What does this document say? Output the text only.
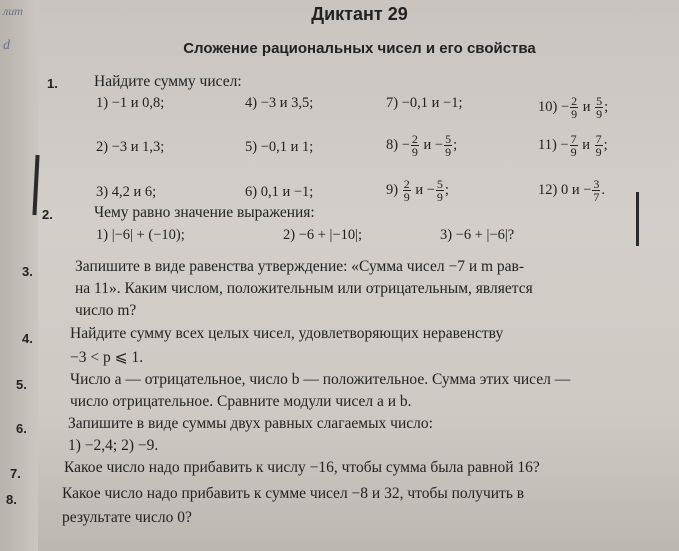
лит
d
Диктант 29
Сложение рациональных чисел и его свойства
1. Найдите сумму чисел:
1) −1 и 0,8;	4) −3 и 3,5;	7) −0,1 и −1;	$10) - \frac{2}{9}$ и $\frac{5}{9}$ ;
2) −3 и 1,3;	5) −0,1 и 1;	$8) - \frac{2}{9}$ $и - \frac{5}{9}$ ;	$11) - \frac{7}{9}$ и $\frac{7}{9}$ ;
3) 4,2 и 6;	6) 0,1 и −1;	$9) \frac{2}{9}$ $и - \frac{5}{9}$ ;	12) 0 $и - \frac{3}{7}$ .
2.	Чему равно значение выражения:
1) |−6| + (−10);	2) −6 + |−10|;	3) −6 + |−6|?
3.	Запишите в виде равенства утверждение: «Сумма чисел −7 и m рав-
на 11». Каким числом, положительным или отрицательным, является
число m?
4. Найдите сумму всех целых чисел, удовлетворяющих неравенству
−3 < p ⩽ 1.
5.	Число a — отрицательное, число b — положительное. Сумма этих чисел —
число отрицательное. Сравните модули чисел a и b.
6.	Запишите в виде суммы двух равных слагаемых число:
1) −2,4; 2) −9.
7.	Какое число надо прибавить к числу −16, чтобы сумма была равной 16?
8.	Какое число надо прибавить к сумме чисел −8 и 32, чтобы получить в
результате число 0?
